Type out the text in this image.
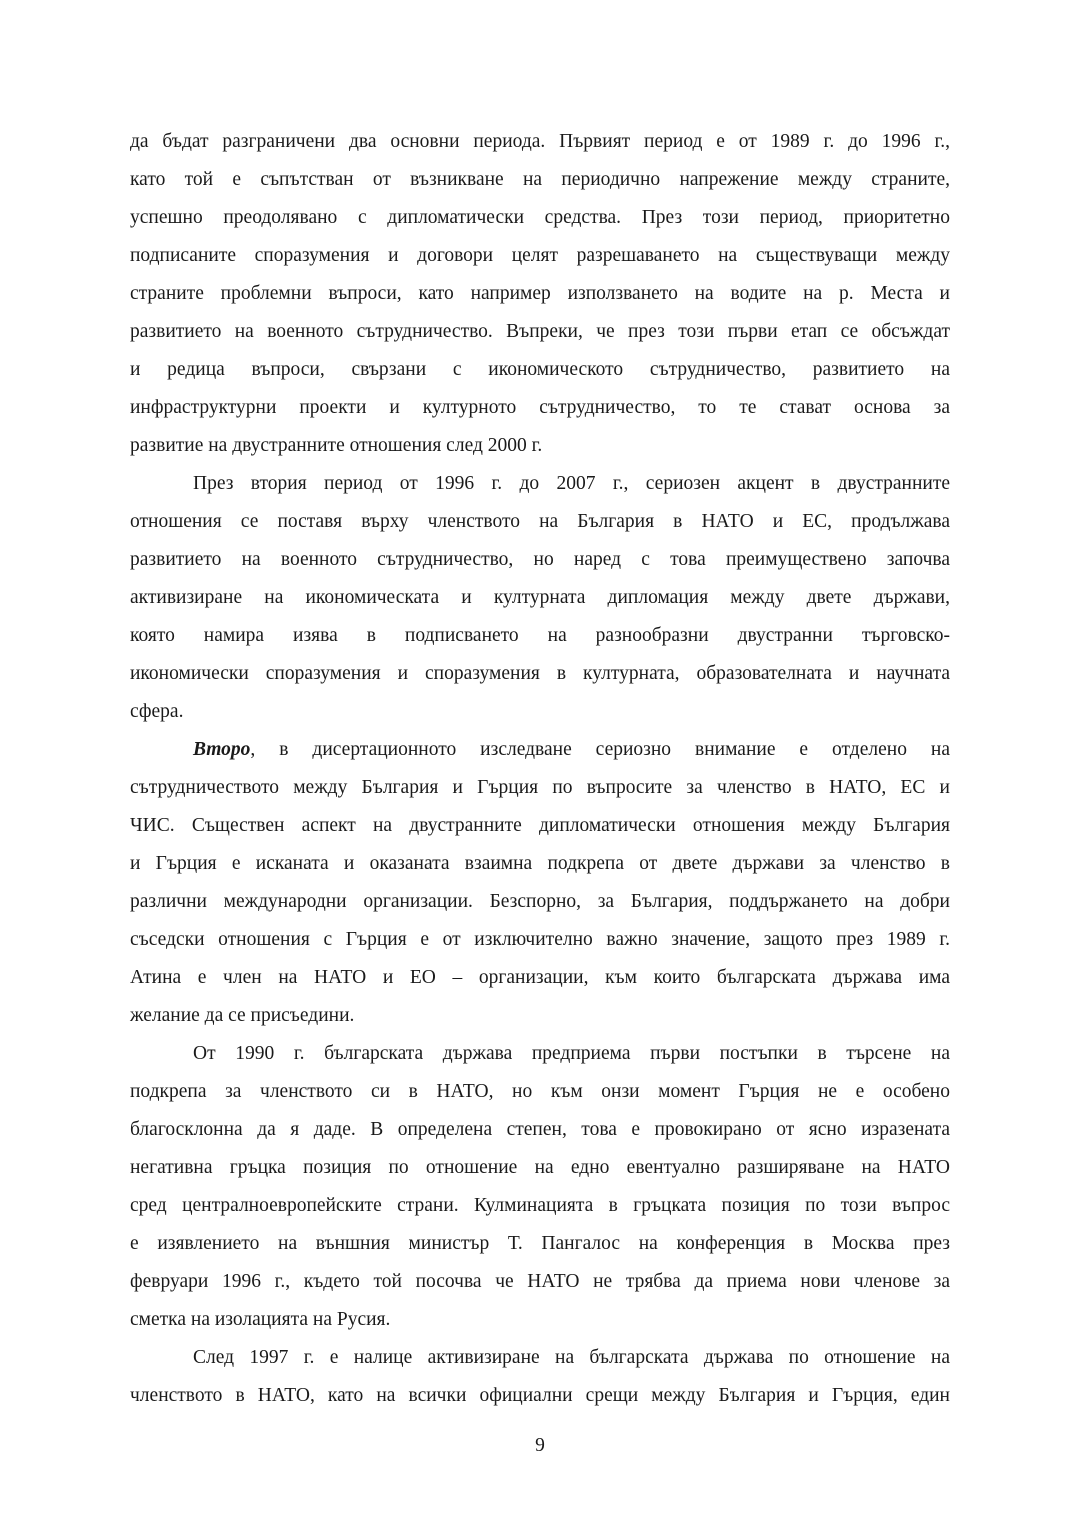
да бъдат разграничени два основни периода. Първият период е от 1989 г. до 1996 г.,
като той е съпътстван от възникване на периодично напрежение между страните,
успешно преодолявано с дипломатически средства. През този период, приоритетно
подписаните споразумения и договори целят разрешаването на съществуващи между
страните проблемни въпроси, като например използването на водите на р. Места и
развитието на военното сътрудничество. Въпреки, че през този първи етап се обсъждат
и редица въпроси, свързани с икономическото сътрудничество, развитието на
инфраструктурни проекти и културното сътрудничество, то те стават основа за
развитие на двустранните отношения след 2000 г.
През втория период от 1996 г. до 2007 г., сериозен акцент в двустранните
отношения се поставя върху членството на България в НАТО и ЕС, продължава
развитието на военното сътрудничество, но наред с това преимуществено започва
активизиране на икономическата и културната дипломация между двете държави,
която намира изява в подписването на разнообразни двустранни търговско-
икономически споразумения и споразумения в културната, образователната и научната
сфера.
Второ, в дисертационното изследване сериозно внимание е отделено на
сътрудничеството между България и Гърция по въпросите за членство в НАТО, ЕС и
ЧИС. Съществен аспект на двустранните дипломатически отношения между България
и Гърция е исканата и оказаната взаимна подкрепа от двете държави за членство в
различни международни организации. Безспорно, за България, поддържането на добри
съседски отношения с Гърция е от изключително важно значение, защото през 1989 г.
Атина е член на НАТО и ЕО – организации, към които българската държава има
желание да се присъедини.
От 1990 г. българската държава предприема първи постъпки в търсене на
подкрепа за членството си в НАТО, но към онзи момент Гърция не е особено
благосклонна да я даде. В определена степен, това е провокирано от ясно изразената
негативна гръцка позиция по отношение на едно евентуално разширяване на НАТО
сред централноевропейските страни. Кулминацията в гръцката позиция по този въпрос
е изявлението на външния министър Т. Пангалос на конференция в Москва през
февруари 1996 г., където той посочва че НАТО не трябва да приема нови членове за
сметка на изолацията на Русия.
След 1997 г. е налице активизиране на българската държава по отношение на
членството в НАТО, като на всички официални срещи между България и Гърция, един
9
